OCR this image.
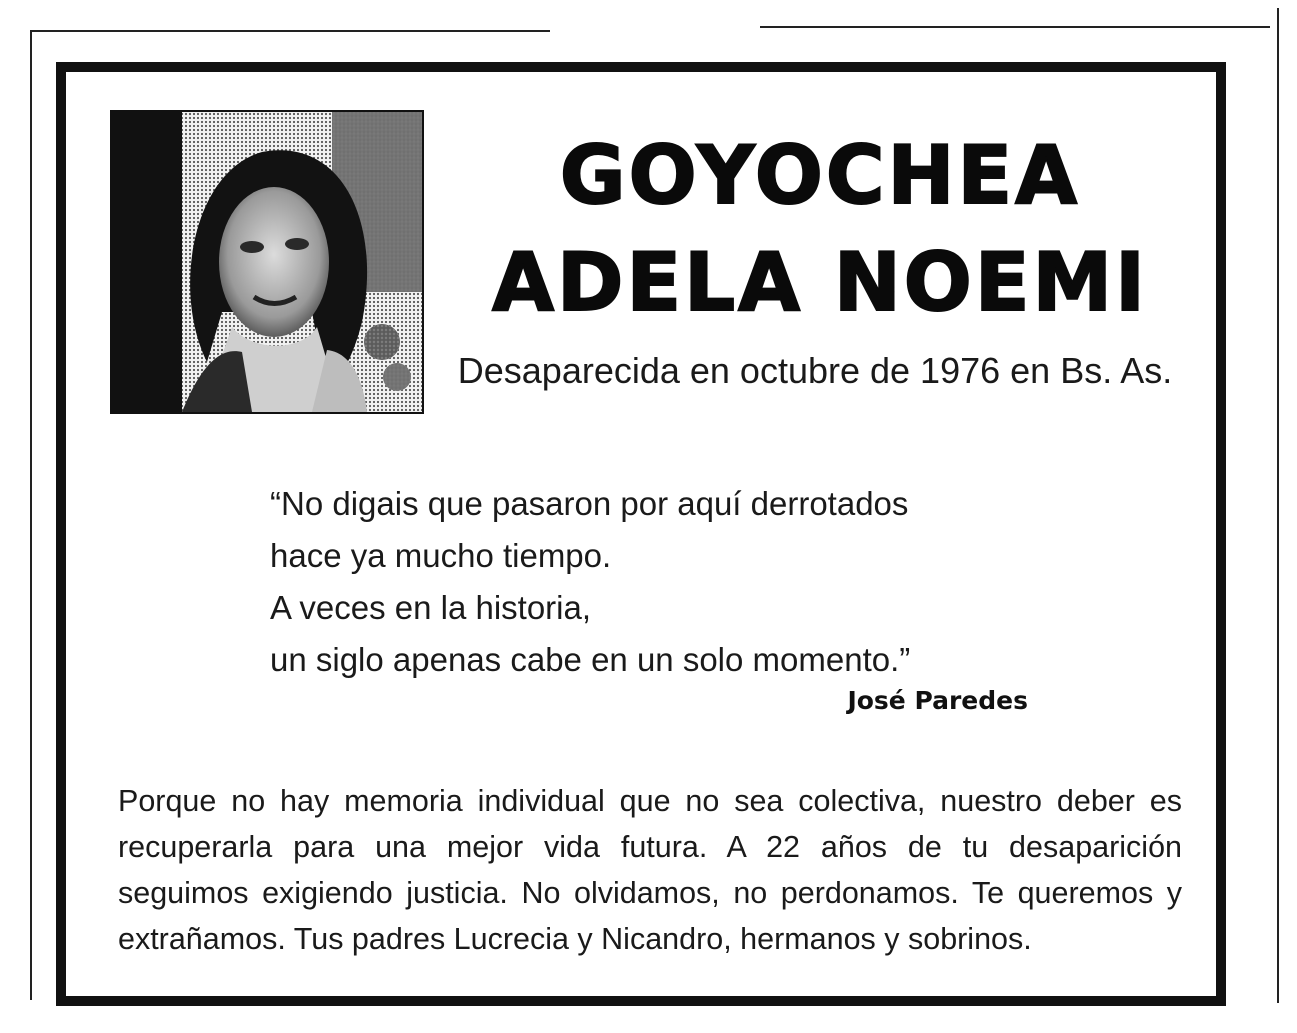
GOYOCHEA
ADELA NOEMI
Desaparecida en octubre de 1976 en Bs. As.
“No digais que pasaron por aquí derrotados
hace ya mucho tiempo.
A veces en la historia,
un siglo apenas cabe en un solo momento.”
José Paredes
Porque no hay memoria individual que no sea colectiva, nuestro deber es recuperarla para una mejor vida futura. A 22 años de tu desaparición seguimos exigiendo justicia. No olvidamos, no perdonamos. Te queremos y extrañamos. Tus padres Lucrecia y Nicandro, hermanos y sobrinos.
